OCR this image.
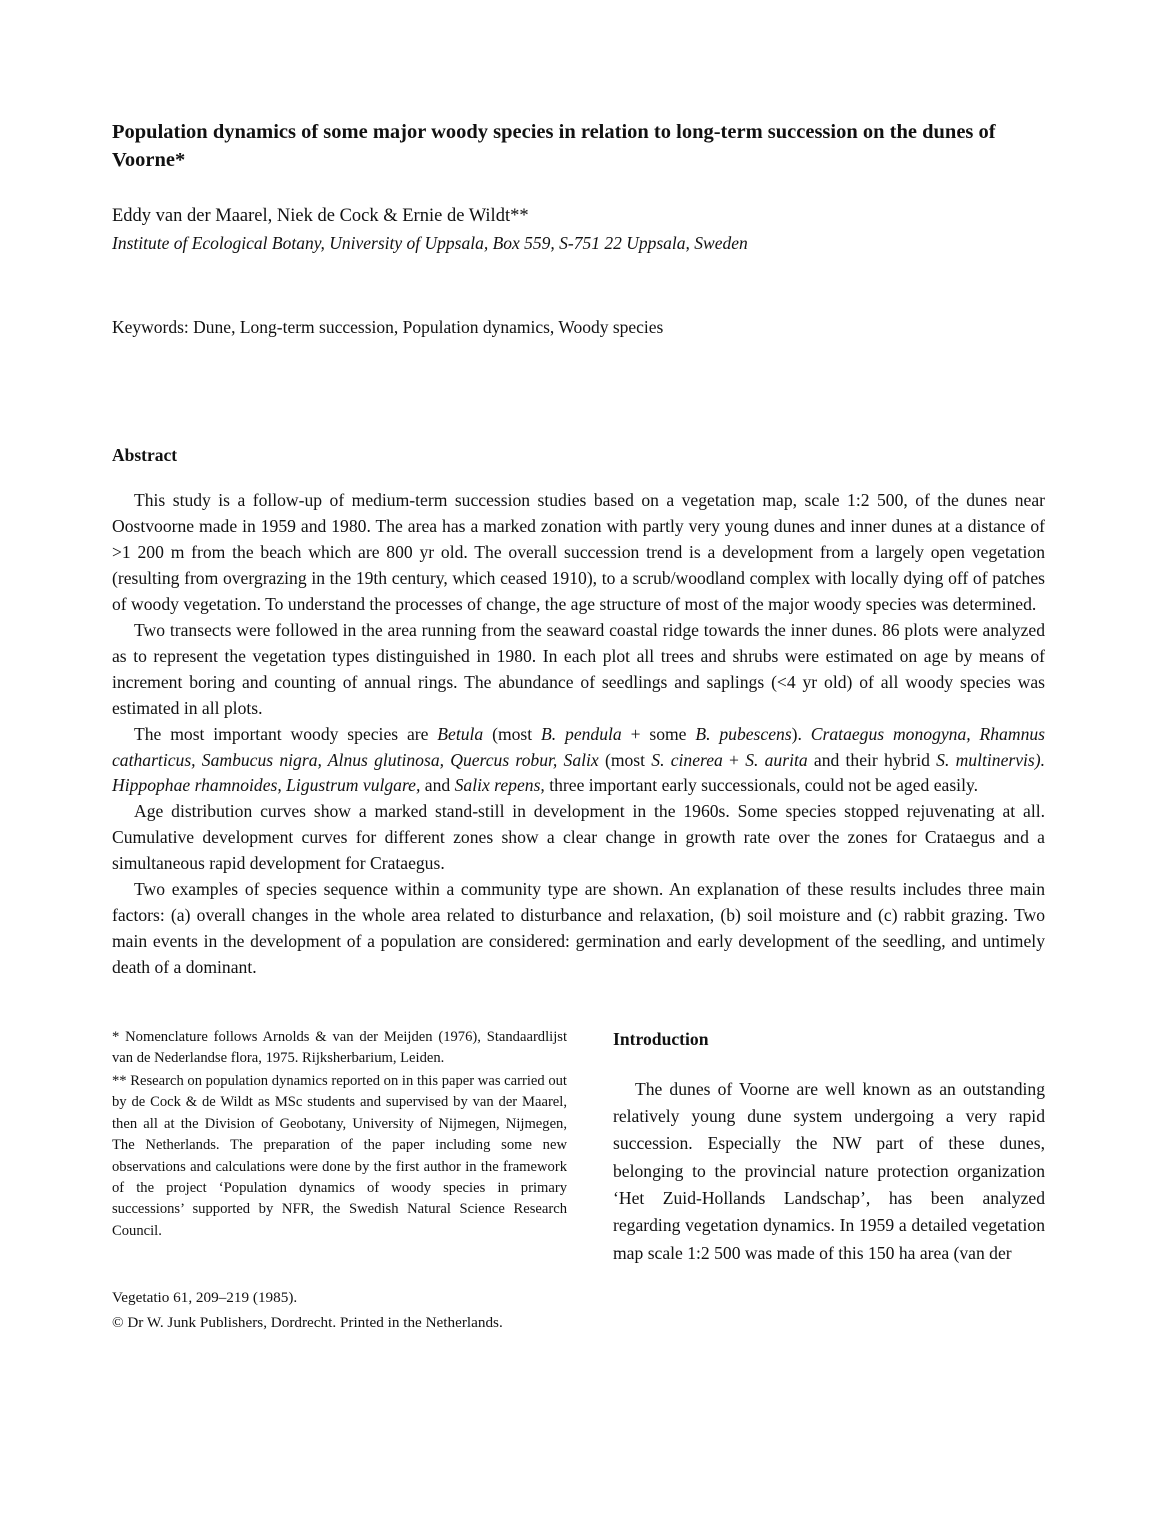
Population dynamics of some major woody species in relation to long-term succession on the dunes of Voorne*
Eddy van der Maarel, Niek de Cock & Ernie de Wildt**
Institute of Ecological Botany, University of Uppsala, Box 559, S-751 22 Uppsala, Sweden
Keywords: Dune, Long-term succession, Population dynamics, Woody species
Abstract

This study is a follow-up of medium-term succession studies based on a vegetation map, scale 1:2 500, of the dunes near Oostvoorne made in 1959 and 1980. The area has a marked zonation with partly very young dunes and inner dunes at a distance of >1 200 m from the beach which are 800 yr old. The overall succession trend is a development from a largely open vegetation (resulting from overgrazing in the 19th century, which ceased 1910), to a scrub/woodland complex with locally dying off of patches of woody vegetation. To understand the processes of change, the age structure of most of the major woody species was determined.

Two transects were followed in the area running from the seaward coastal ridge towards the inner dunes. 86 plots were analyzed as to represent the vegetation types distinguished in 1980. In each plot all trees and shrubs were estimated on age by means of increment boring and counting of annual rings. The abundance of seedlings and saplings (<4 yr old) of all woody species was estimated in all plots.

The most important woody species are Betula (most B. pendula + some B. pubescens). Crataegus monogyna, Rhamnus catharticus, Sambucus nigra, Alnus glutinosa, Quercus robur, Salix (most S. cinerea + S. aurita and their hybrid S. multinervis). Hippophae rhamnoides, Ligustrum vulgare, and Salix repens, three important early successionals, could not be aged easily.

Age distribution curves show a marked stand-still in development in the 1960s. Some species stopped rejuvenating at all. Cumulative development curves for different zones show a clear change in growth rate over the zones for Crataegus and a simultaneous rapid development for Crataegus.

Two examples of species sequence within a community type are shown. An explanation of these results includes three main factors: (a) overall changes in the whole area related to disturbance and relaxation, (b) soil moisture and (c) rabbit grazing. Two main events in the development of a population are considered: germination and early development of the seedling, and untimely death of a dominant.

* Nomenclature follows Arnolds & van der Meijden (1976), Standaardlijst van de Nederlandse flora, 1975. Rijksherbarium, Leiden.

** Research on population dynamics reported on in this paper was carried out by de Cock & de Wildt as MSc students and supervised by van der Maarel, then all at the Division of Geobotany, University of Nijmegen, Nijmegen, The Netherlands. The preparation of the paper including some new observations and calculations were done by the first author in the framework of the project ‘Population dynamics of woody species in primary successions’ supported by NFR, the Swedish Natural Science Research Council.

Vegetatio 61, 209–219 (1985).
© Dr W. Junk Publishers, Dordrecht. Printed in the Netherlands.
Introduction

The dunes of Voorne are well known as an outstanding relatively young dune system undergoing a very rapid succession. Especially the NW part of these dunes, belonging to the provincial nature protection organization ‘Het Zuid-Hollands Landschap’, has been analyzed regarding vegetation dynamics. In 1959 a detailed vegetation map scale 1:2 500 was made of this 150 ha area (van der
